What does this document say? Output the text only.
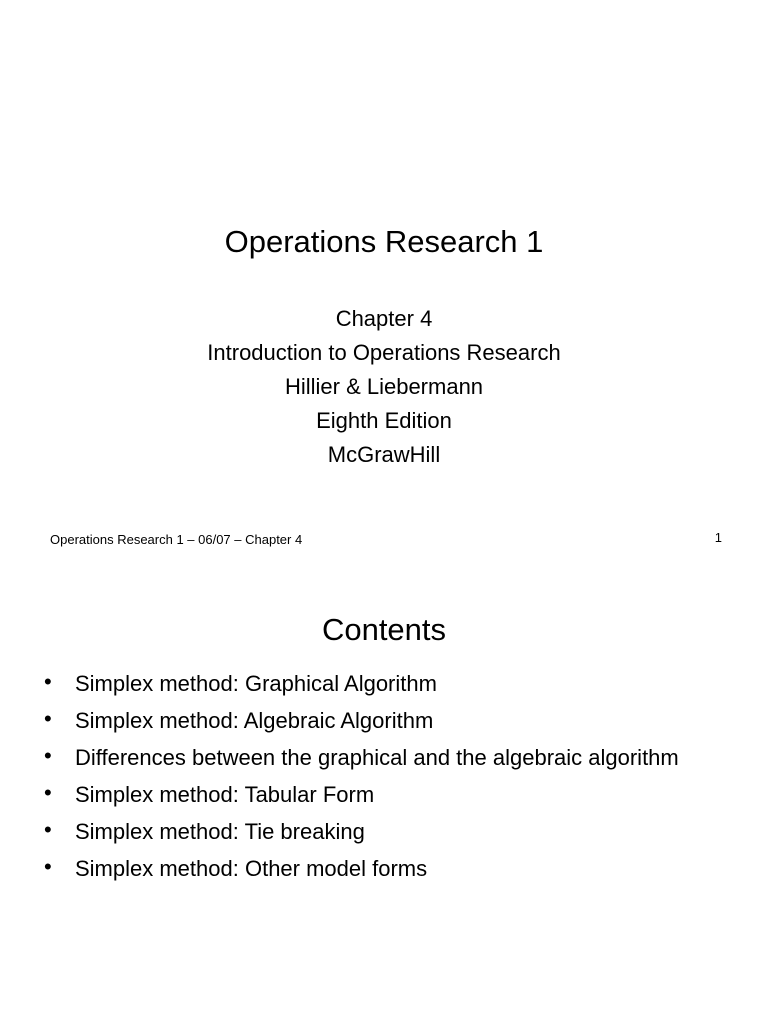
Operations Research 1
Chapter 4
Introduction to Operations Research
Hillier & Liebermann
Eighth Edition
McGrawHill
Operations Research 1 – 06/07 – Chapter 4	1
Contents
• Simplex method: Graphical Algorithm
• Simplex method: Algebraic Algorithm
• Differences between the graphical and the algebraic algorithm
• Simplex method: Tabular Form
• Simplex method: Tie breaking
• Simplex method: Other model forms
